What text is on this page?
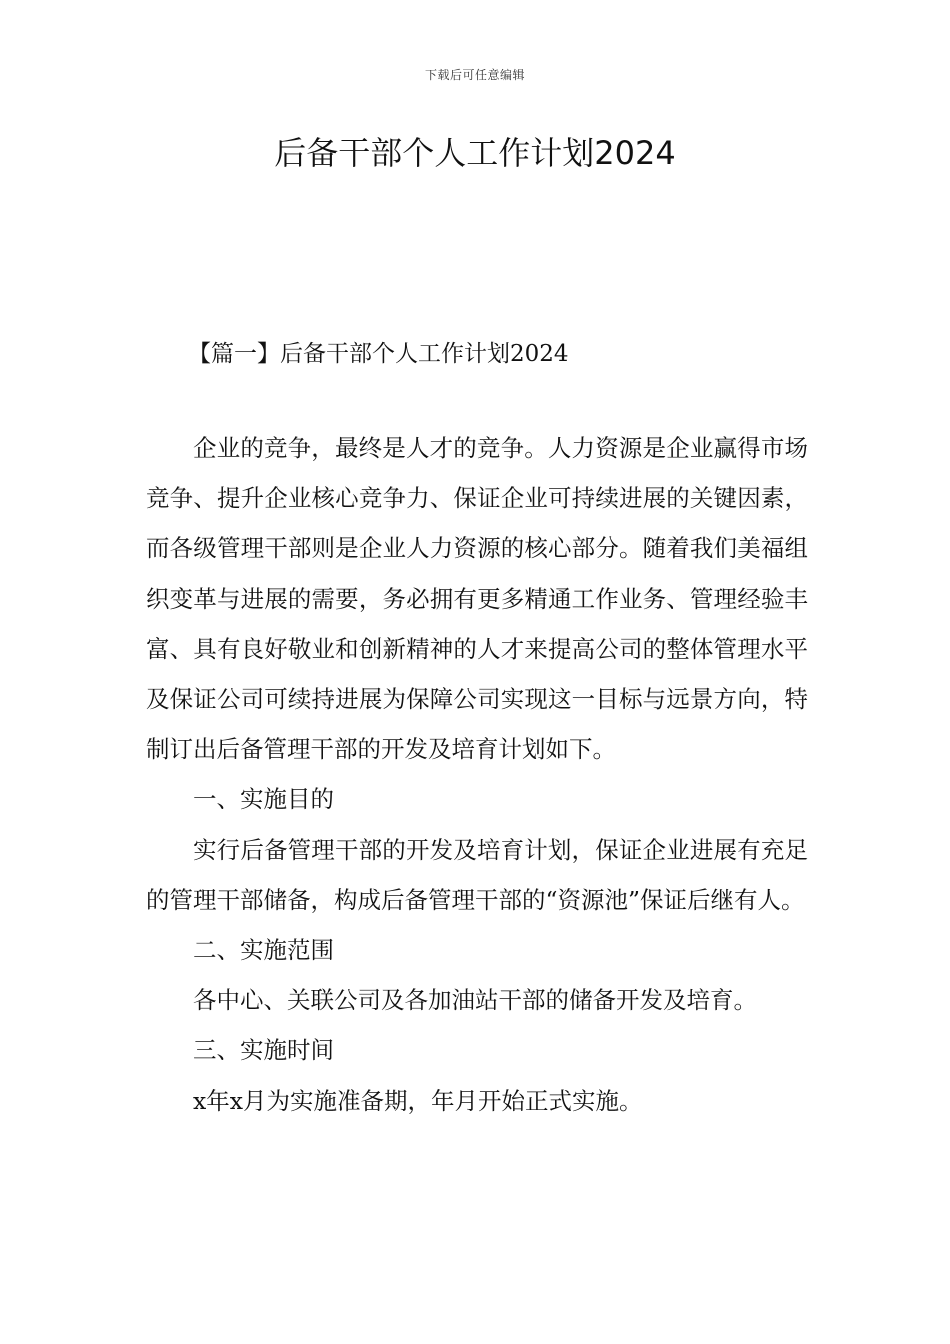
下载后可任意编辑
后备干部个人工作计划2024
【篇一】后备干部个人工作计划2024

企业的竞争，最终是人才的竞争。人力资源是企业赢得市场竞争、提升企业核心竞争力、保证企业可持续进展的关键因素，而各级管理干部则是企业人力资源的核心部分。随着我们美福组织变革与进展的需要，务必拥有更多精通工作业务、管理经验丰富、具有良好敬业和创新精神的人才来提高公司的整体管理水平及保证公司可续持进展为保障公司实现这一目标与远景方向，特制订出后备管理干部的开发及培育计划如下。

一、实施目的

实行后备管理干部的开发及培育计划，保证企业进展有充足的管理干部储备，构成后备管理干部的“资源池”保证后继有人。

二、实施范围

各中心、关联公司及各加油站干部的储备开发及培育。

三、实施时间

x年x月为实施准备期，年月开始正式实施。
